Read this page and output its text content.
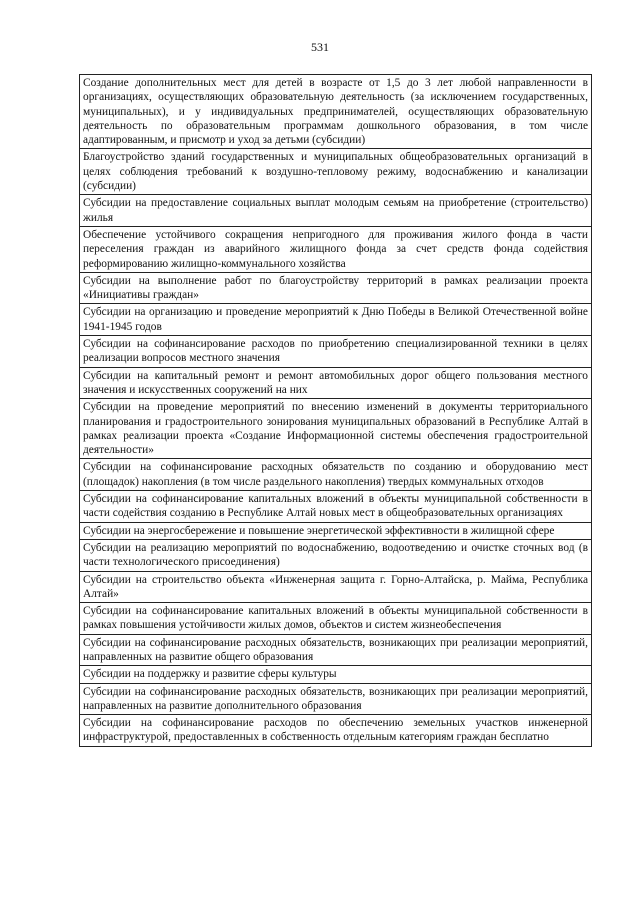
531
Создание дополнительных мест для детей в возрасте от 1,5 до 3 лет любой направленности в организациях, осуществляющих образовательную деятельность (за исключением государственных, муниципальных), и у индивидуальных предпринимателей, осуществляющих образовательную деятельность по образовательным программам дошкольного образования, в том числе адаптированным, и присмотр и уход за детьми (субсидии)
Благоустройство зданий государственных и муниципальных общеобразовательных организаций в целях соблюдения требований к воздушно-тепловому режиму, водоснабжению и канализации (субсидии)
Субсидии на предоставление социальных выплат молодым семьям на приобретение (строительство) жилья
Обеспечение устойчивого сокращения непригодного для проживания жилого фонда в части переселения граждан из аварийного жилищного фонда за счет средств фонда содействия реформированию жилищно-коммунального хозяйства
Субсидии на выполнение работ по благоустройству территорий в рамках реализации проекта «Инициативы граждан»
Субсидии на организацию и проведение мероприятий к Дню Победы в Великой Отечественной войне 1941-1945 годов
Субсидии на софинансирование расходов по приобретению специализированной техники в целях реализации вопросов местного значения
Субсидии на капитальный ремонт и ремонт автомобильных дорог общего пользования местного значения и искусственных сооружений на них
Субсидии на проведение мероприятий по внесению изменений в документы территориального планирования и градостроительного зонирования муниципальных образований в Республике Алтай в рамках реализации проекта «Создание Информационной системы обеспечения градостроительной деятельности»
Субсидии на софинансирование расходных обязательств по созданию и оборудованию мест (площадок) накопления (в том числе раздельного накопления) твердых коммунальных отходов
Субсидии на софинансирование капитальных вложений в объекты муниципальной собственности в части содействия созданию в Республике Алтай новых мест в общеобразовательных организациях
Субсидии на энергосбережение и повышение энергетической эффективности в жилищной сфере
Субсидии на реализацию мероприятий по водоснабжению, водоотведению и очистке сточных вод (в части технологического присоединения)
Субсидии на строительство объекта «Инженерная защита г. Горно-Алтайска, р. Майма, Республика Алтай»
Субсидии на софинансирование капитальных вложений в объекты муниципальной собственности в рамках повышения устойчивости жилых домов, объектов и систем жизнеобеспечения
Субсидии на софинансирование расходных обязательств, возникающих при реализации мероприятий, направленных на развитие общего образования
Субсидии на поддержку и развитие сферы культуры
Субсидии на софинансирование расходных обязательств, возникающих при реализации мероприятий, направленных на развитие дополнительного образования
Субсидии на софинансирование расходов по обеспечению земельных участков инженерной инфраструктурой, предоставленных в собственность отдельным категориям граждан бесплатно
